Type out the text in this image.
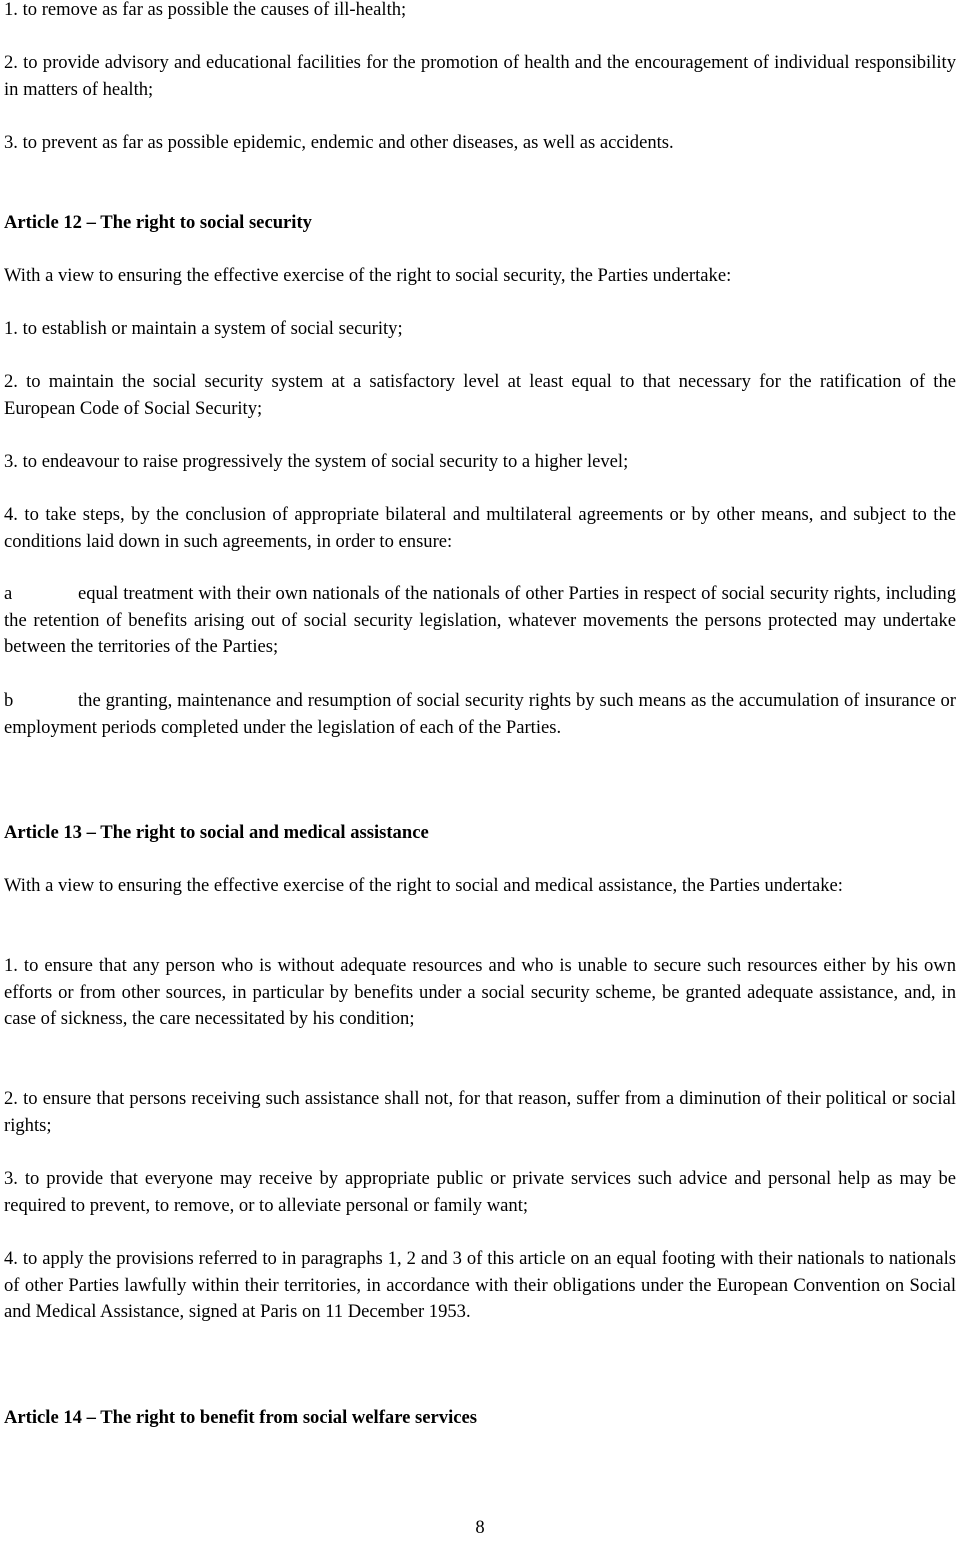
1. to remove as far as possible the causes of ill-health;

2. to provide advisory and educational facilities for the promotion of health and the encouragement of individual responsibility in matters of health;

3. to prevent as far as possible epidemic, endemic and other diseases, as well as accidents.

Article 12 – The right to social security

With a view to ensuring the effective exercise of the right to social security, the Parties undertake:

1. to establish or maintain a system of social security;

2. to maintain the social security system at a satisfactory level at least equal to that necessary for the ratification of the European Code of Social Security;

3. to endeavour to raise progressively the system of social security to a higher level;

4. to take steps, by the conclusion of appropriate bilateral and multilateral agreements or by other means, and subject to the conditions laid down in such agreements, in order to ensure:

a	equal treatment with their own nationals of the nationals of other Parties in respect of social security rights, including the retention of benefits arising out of social security legislation, whatever movements the persons protected may undertake between the territories of the Parties;

b	the granting, maintenance and resumption of social security rights by such means as the accumulation of insurance or employment periods completed under the legislation of each of the Parties.

Article 13 – The right to social and medical assistance

With a view to ensuring the effective exercise of the right to social and medical assistance, the Parties undertake:

1. to ensure that any person who is without adequate resources and who is unable to secure such resources either by his own efforts or from other sources, in particular by benefits under a social security scheme, be granted adequate assistance, and, in case of sickness, the care necessitated by his condition;

2. to ensure that persons receiving such assistance shall not, for that reason, suffer from a diminution of their political or social rights;

3. to provide that everyone may receive by appropriate public or private services such advice and personal help as may be required to prevent, to remove, or to alleviate personal or family want;

4. to apply the provisions referred to in paragraphs 1, 2 and 3 of this article on an equal footing with their nationals to nationals of other Parties lawfully within their territories, in accordance with their obligations under the European Convention on Social and Medical Assistance, signed at Paris on 11 December 1953.

Article 14 – The right to benefit from social welfare services

8
